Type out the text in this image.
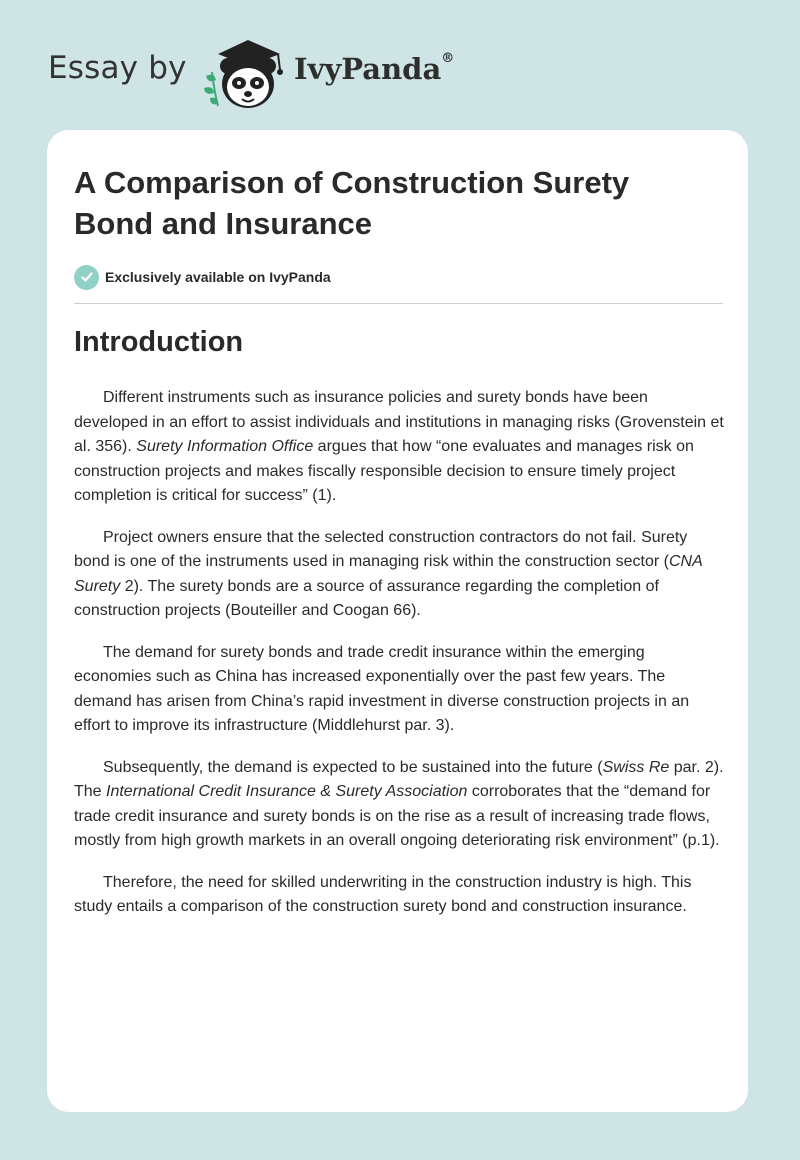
Essay by	IvyPanda®
A Comparison of Construction Surety Bond and Insurance
Exclusively available on IvyPanda
Introduction

Different instruments such as insurance policies and surety bonds have been developed in an effort to assist individuals and institutions in managing risks (Grovenstein et al. 356). Surety Information Office argues that how “one evaluates and manages risk on construction projects and makes fiscally responsible decision to ensure timely project completion is critical for success” (1).

Project owners ensure that the selected construction contractors do not fail. Surety bond is one of the instruments used in managing risk within the construction sector (CNA Surety 2). The surety bonds are a source of assurance regarding the completion of construction projects (Bouteiller and Coogan 66).

The demand for surety bonds and trade credit insurance within the emerging economies such as China has increased exponentially over the past few years. The demand has arisen from China’s rapid investment in diverse construction projects in an effort to improve its infrastructure (Middlehurst par. 3).

Subsequently, the demand is expected to be sustained into the future (Swiss Re par. 2). The International Credit Insurance & Surety Association corroborates that the “demand for trade credit insurance and surety bonds is on the rise as a result of increasing trade flows, mostly from high growth markets in an overall ongoing deteriorating risk environment” (p.1).

Therefore, the need for skilled underwriting in the construction industry is high. This study entails a comparison of the construction surety bond and construction insurance.
